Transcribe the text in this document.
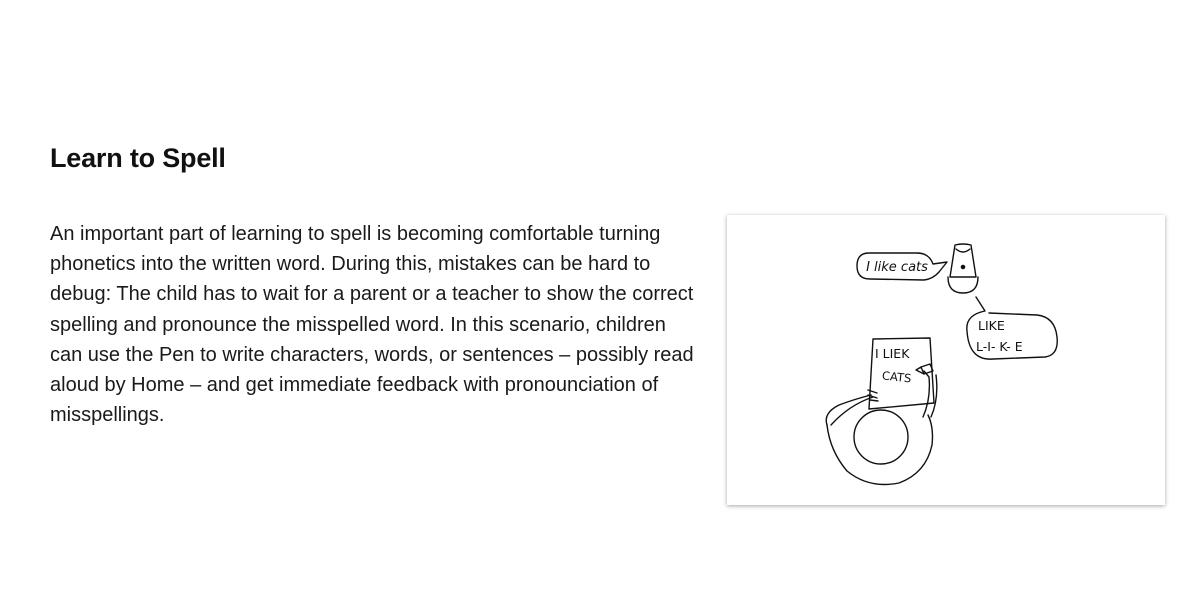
Learn to Spell

An important part of learning to spell is becoming comfortable turning phonetics into the written word. During this, mistakes can be hard to debug: The child has to wait for a parent or a teacher to show the correct spelling and pronounce the misspelled word. In this scenario, children can use the Pen to write characters, words, or sentences – possibly read aloud by Home – and get immediate feedback with pronounciation of misspellings.

I like cats
LIKE
L-I- K- E
I LIEK
CATS
